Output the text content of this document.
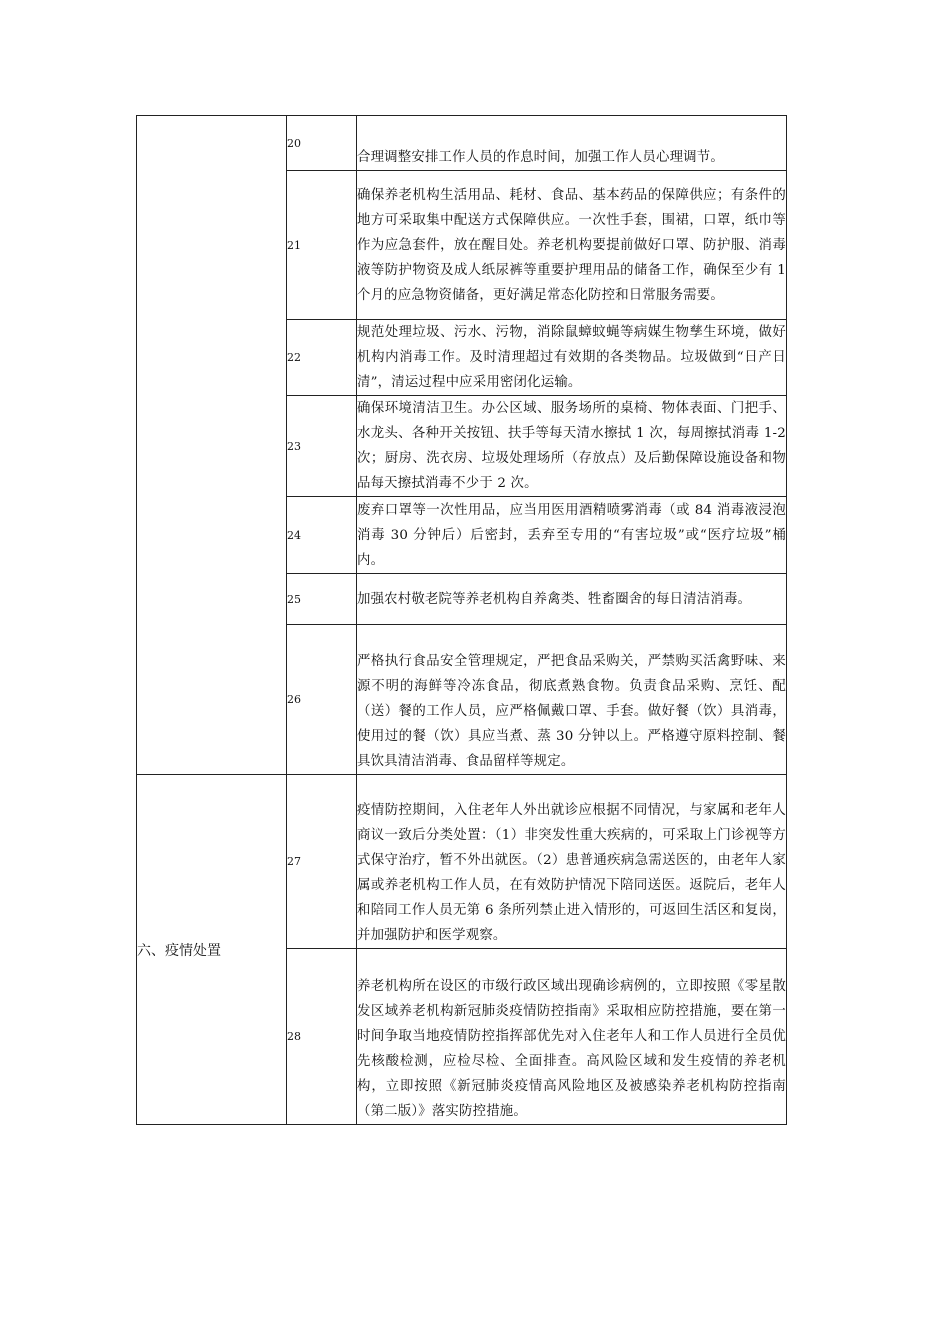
	20	合理调整安排工作人员的作息时间，加强工作人员心理调节。
	21	确保养老机构生活用品、耗材、食品、基本药品的保障供应；有条件的地方可采取集中配送方式保障供应。一次性手套，围裙，口罩，纸巾等作为应急套件，放在醒目处。养老机构要提前做好口罩、防护服、消毒液等防护物资及成人纸尿裤等重要护理用品的储备工作，确保至少有 1 个月的应急物资储备，更好满足常态化防控和日常服务需要。
	22	规范处理垃圾、污水、污物，消除鼠蟑蚊蝇等病媒生物孳生环境，做好机构内消毒工作。及时清理超过有效期的各类物品。垃圾做到“日产日清”，清运过程中应采用密闭化运输。
	23	确保环境清洁卫生。办公区域、服务场所的桌椅、物体表面、门把手、水龙头、各种开关按钮、扶手等每天清水擦拭 1 次，每周擦拭消毒 1-2 次；厨房、洗衣房、垃圾处理场所（存放点）及后勤保障设施设备和物品每天擦拭消毒不少于 2 次。
	24	废弃口罩等一次性用品，应当用医用酒精喷雾消毒（或 84 消毒液浸泡消毒 30 分钟后）后密封，丢弃至专用的“有害垃圾”或“医疗垃圾”桶内。
	25	加强农村敬老院等养老机构自养禽类、牲畜圈舍的每日清洁消毒。
	26	严格执行食品安全管理规定，严把食品采购关，严禁购买活禽野味、来源不明的海鲜等冷冻食品，彻底煮熟食物。负责食品采购、烹饪、配（送）餐的工作人员，应严格佩戴口罩、手套。做好餐（饮）具消毒，使用过的餐（饮）具应当煮、蒸 30 分钟以上。严格遵守原料控制、餐具饮具清洁消毒、食品留样等规定。
六、疫情处置	27	疫情防控期间，入住老年人外出就诊应根据不同情况，与家属和老年人商议一致后分类处置：（1）非突发性重大疾病的，可采取上门诊视等方式保守治疗，暂不外出就医。（2）患普通疾病急需送医的，由老年人家属或养老机构工作人员，在有效防护情况下陪同送医。返院后，老年人和陪同工作人员无第 6 条所列禁止进入情形的，可返回生活区和复岗，并加强防护和医学观察。
	28	养老机构所在设区的市级行政区域出现确诊病例的，立即按照《零星散发区域养老机构新冠肺炎疫情防控指南》采取相应防控措施，要在第一时间争取当地疫情防控指挥部优先对入住老年人和工作人员进行全员优先核酸检测，应检尽检、全面排查。高风险区域和发生疫情的养老机构，立即按照《新冠肺炎疫情高风险地区及被感染养老机构防控指南（第二版）》落实防控措施。
